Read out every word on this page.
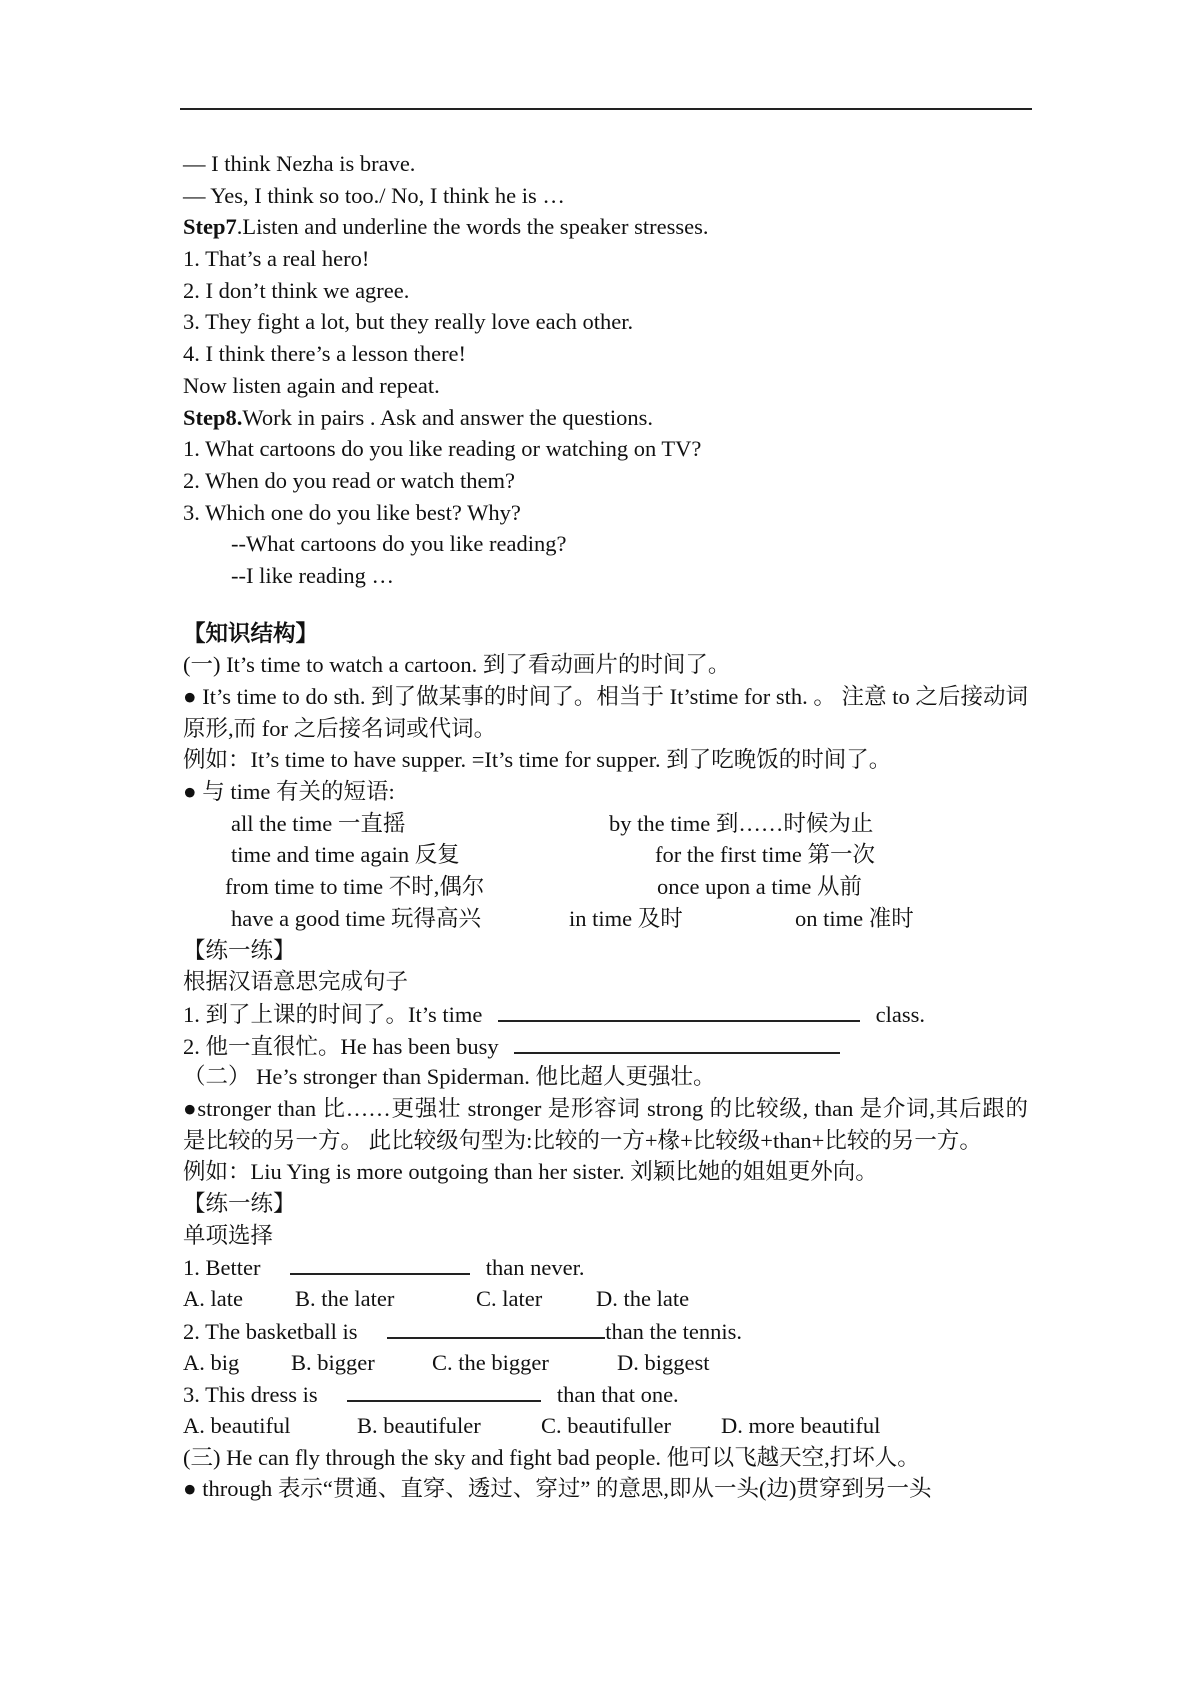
— I think Nezha is brave.
— Yes, I think so too./ No, I think he is …
Step7.Listen and underline the words the speaker stresses.
1. That’s a real hero!
2. I don’t think we agree.
3. They fight a lot, but they really love each other.
4. I think there’s a lesson there!
Now listen again and repeat.
Step8.Work in pairs . Ask and answer the questions.
1. What cartoons do you like reading or watching on TV?
2. When do you read or watch them?
3. Which one do you like best? Why?
--What cartoons do you like reading?
--I like reading …
【知识结构】
(一) It’s time to watch a cartoon. 到了看动画片的时间了。
● It’s time to do sth. 到了做某事的时间了。相当于 It’stime for sth. 。 注意 to 之后接动词原形,而 for 之后接名词或代词。
例如：It’s time to have supper. =It’s time for supper. 到了吃晚饭的时间了。
● 与 time 有关的短语:
all the time 一直摇	by the time 到……时候为止
time and time again 反复	for the first time 第一次
from time to time 不时,偶尔	once upon a time 从前
have a good time 玩得高兴	in time 及时	on time 准时
【练一练】
根据汉语意思完成句子
1. 到了上课的时间了。It’s time	class.
2. 他一直很忙。He has been busy
（二） He’s stronger than Spiderman. 他比超人更强壮。
●stronger than 比……更强壮 stronger 是形容词 strong 的比较级, than 是介词,其后跟的是比较的另一方。 此比较级句型为:比较的一方+椽+比较级+than+比较的另一方。
例如：Liu Ying is more outgoing than her sister. 刘颖比她的姐姐更外向。
【练一练】
单项选择
1. Better	than never.
A. late B. the later	C. later D. the late
2. The basketball is	than the tennis.
A. big B. bigger	C. the bigger	D. biggest
3. This dress is	than that one.
A. beautiful	B. beautifuler	C. beautifuller D. more beautiful
(三) He can fly through the sky and fight bad people. 他可以飞越天空,打坏人。
● through 表示“贯通、直穿、透过、穿过” 的意思,即从一头(边)贯穿到另一头
